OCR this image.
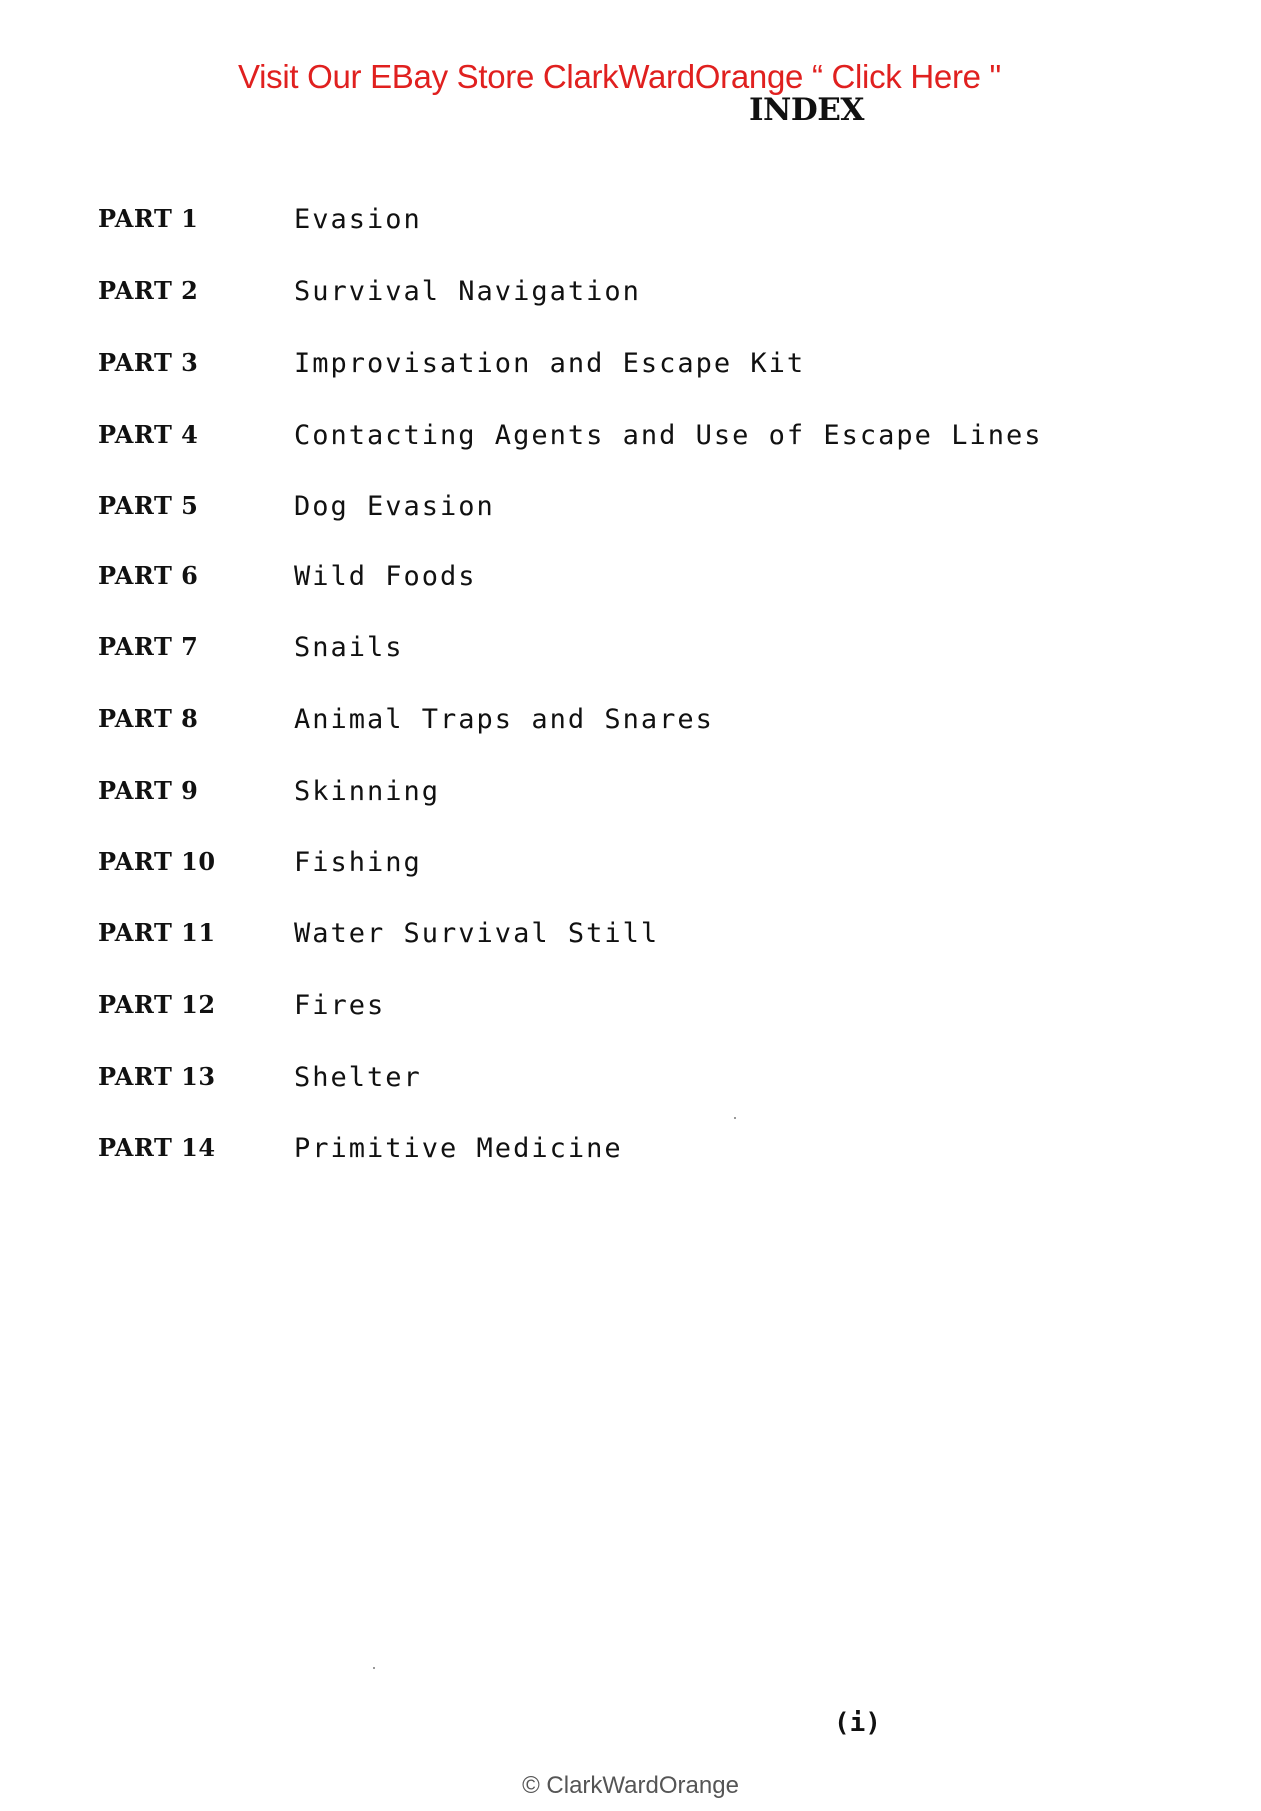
Visit Our EBay Store ClarkWardOrange “ Click Here "
INDEX
PART 1	Evasion
PART 2	Survival Navigation
PART 3	Improvisation and Escape Kit
PART 4	Contacting Agents and Use of Escape Lines
PART 5	Dog Evasion
PART 6	Wild Foods
PART 7	Snails
PART 8	Animal Traps and Snares
PART 9	Skinning
PART 10	Fishing
PART 11	Water Survival Still
PART 12	Fires
PART 13	Shelter
PART 14	Primitive Medicine
(i)
© ClarkWardOrange
